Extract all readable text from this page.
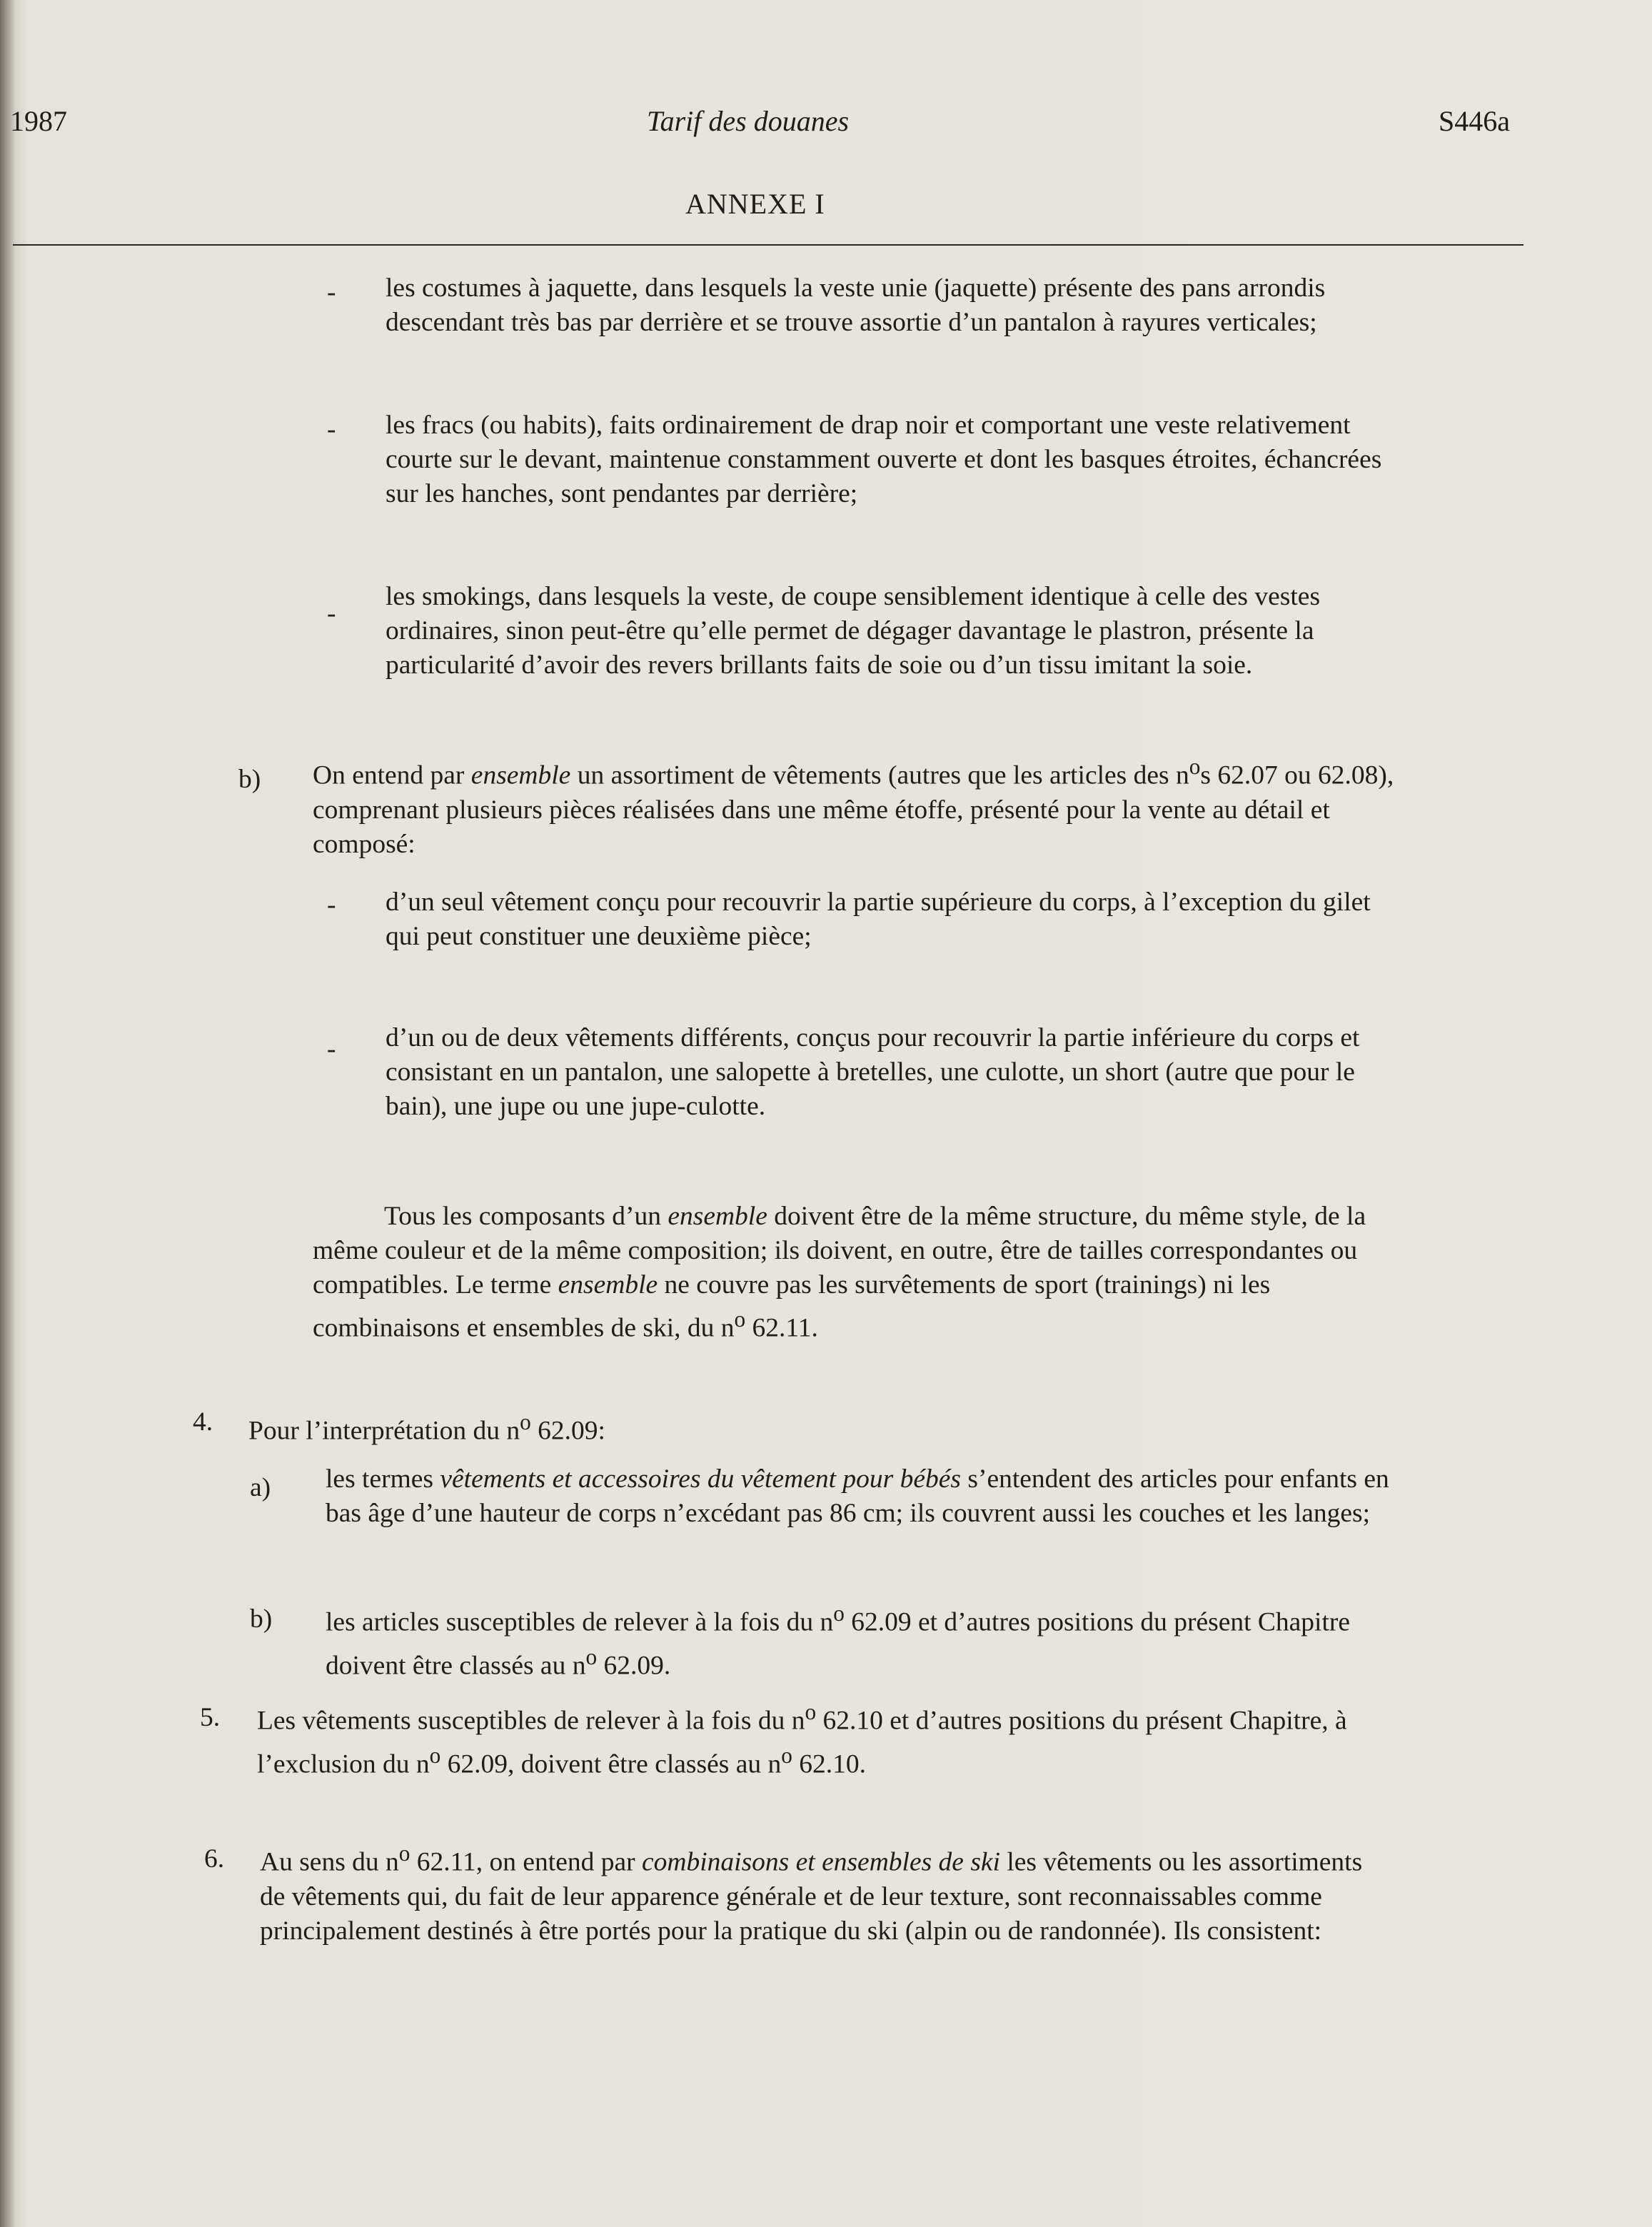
1987	Tarif des douanes	S446a
ANNEXE I
- les costumes à jaquette, dans lesquels la veste unie (jaquette) présente des pans arrondis descendant très bas par derrière et se trouve assortie d’un pantalon à rayures verticales;

- les fracs (ou habits), faits ordinairement de drap noir et comportant une veste relativement courte sur le devant, maintenue constamment ouverte et dont les basques étroites, échancrées sur les hanches, sont pendantes par derrière;

-

les smokings, dans lesquels la veste, de coupe sensiblement identique à celle des vestes ordinaires, sinon peut-être qu’elle permet de dégager davantage le plastron, présente la particularité d’avoir des revers brillants faits de soie ou d’un tissu imitant la soie.

b) On entend par ensemble un assortiment de vêtements (autres que les articles des $n^os$ 62.07 ou 62.08), comprenant plusieurs pièces réalisées dans une même étoffe, présenté pour la vente au détail et composé:

- d’un seul vêtement conçu pour recouvrir la partie supérieure du corps, à l’exception du gilet qui peut constituer une deuxième pièce;

- d’un ou de deux vêtements différents, conçus pour recouvrir la partie inférieure du corps et consistant en un pantalon, une salopette à bretelles, une culotte, un short (autre que pour le bain), une jupe ou une jupe-culotte.

Tous les composants d’un ensemble doivent être de la même structure, du même style, de la même couleur et de la même composition; ils doivent, en outre, être de tailles correspondantes ou compatibles. Le terme ensemble ne couvre pas les survêtements de sport (trainings) ni les combinaisons et ensembles de ski, du $n^o$ 62.11.

4. Pour l’interprétation du $n^o$ 62.09:

a) les termes vêtements et accessoires du vêtement pour bébés s’entendent des articles pour enfants en bas âge d’une hauteur de corps n’excédant pas 86 cm; ils couvrent aussi les couches et les langes;

b) les articles susceptibles de relever à la fois du $n^o$ 62.09 et d’autres positions du présent Chapitre doivent être classés au $n^o$ 62.09.

5. Les vêtements susceptibles de relever à la fois du $n^o$ 62.10 et d’autres positions du présent Chapitre, à l’exclusion du $n^o$ 62.09, doivent être classés au $n^o$ 62.10.

6. Au sens du $n^o$ 62.11, on entend par combinaisons et ensembles de ski les vêtements ou les assortiments de vêtements qui, du fait de leur apparence générale et de leur texture, sont reconnaissables comme principalement destinés à être portés pour la pratique du ski (alpin ou de randonnée). Ils consistent:
